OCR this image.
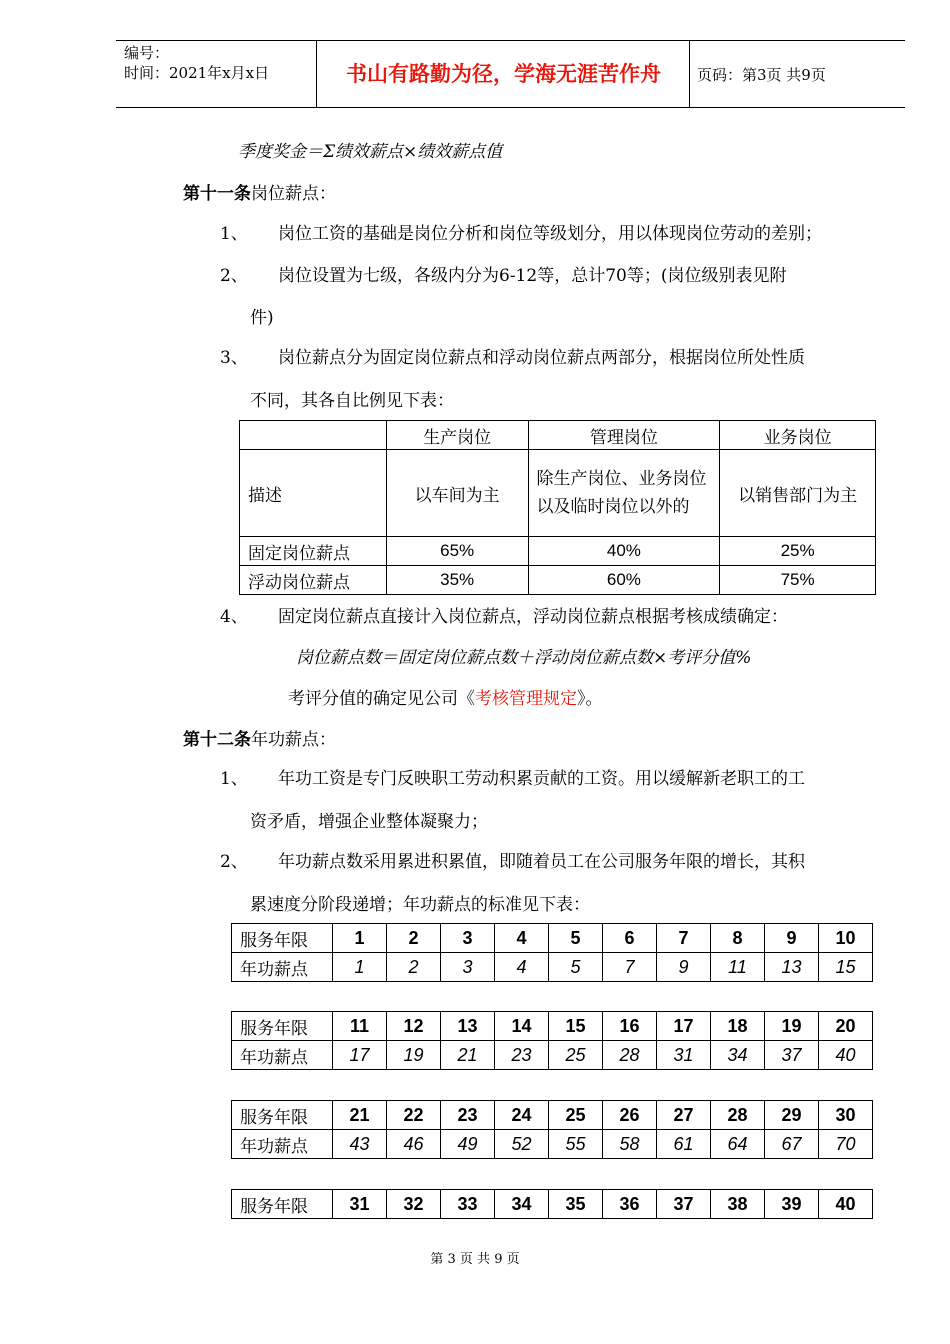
编号：
时间：2021年x月x日	书山有路勤为径，学海无涯苦作舟	页码：第3页 共9页
季度奖金＝Σ绩效薪点×绩效薪点值
第十一条岗位薪点：
1、 岗位工资的基础是岗位分析和岗位等级划分，用以体现岗位劳动的差别；
2、 岗位设置为七级，各级内分为6-12等，总计70等；(岗位级别表见附
件)
3、 岗位薪点分为固定岗位薪点和浮动岗位薪点两部分，根据岗位所处性质
不同，其各自比例见下表：
	生产岗位	管理岗位	业务岗位
描述	以车间为主	除生产岗位、业务岗位以及临时岗位以外的	以销售部门为主
固定岗位薪点	65%	40%	25%
浮动岗位薪点	35%	60%	75%
4、 固定岗位薪点直接计入岗位薪点，浮动岗位薪点根据考核成绩确定：
岗位薪点数＝固定岗位薪点数＋浮动岗位薪点数×考评分值%
考评分值的确定见公司《考核管理规定》。
第十二条年功薪点：
1、 年功工资是专门反映职工劳动积累贡献的工资。用以缓解新老职工的工
资矛盾，增强企业整体凝聚力；
2、 年功薪点数采用累进积累值，即随着员工在公司服务年限的增长，其积
累速度分阶段递增；年功薪点的标准见下表：
服务年限	1	2	3	4	5	6	7	8	9	10
年功薪点	1	2	3	4	5	7	9	11	13	15
服务年限	11	12	13	14	15	16	17	18	19	20
年功薪点	17	19	21	23	25	28	31	34	37	40
服务年限	21	22	23	24	25	26	27	28	29	30
年功薪点	43	46	49	52	55	58	61	64	67	70
服务年限	31	32	33	34	35	36	37	38	39	40
第 3 页 共 9 页
